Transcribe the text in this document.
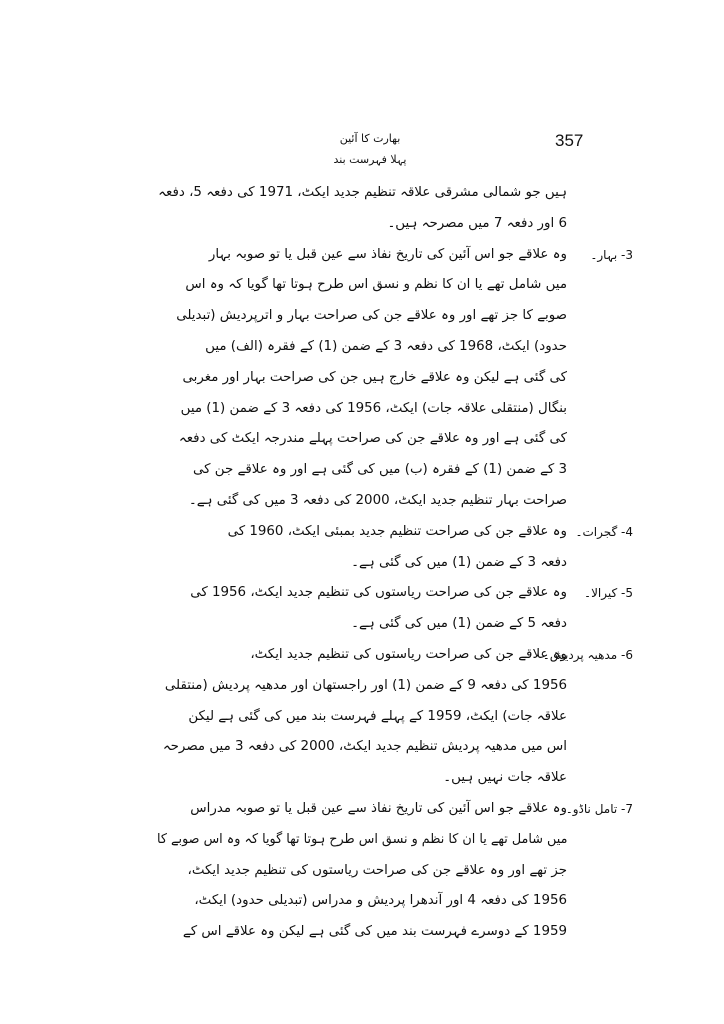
357
بھارت کا آئین
پہلا فہرست بند
ہیں جو شمالی مشرقی علاقہ تنظیم جدید ایکٹ، 1971 کی دفعہ 5، دفعہ
6 اور دفعہ 7 میں مصرحہ ہیں۔
وہ علاقے جو اس آئین کی تاریخ نفاذ سے عین قبل یا تو صوبہ بہار	3- بہار۔
میں شامل تھے یا ان کا نظم و نسق اس طرح ہوتا تھا گویا کہ وہ اس
صوبے کا جز تھے اور وہ علاقے جن کی صراحت بہار و اترپردیش (تبدیلی
حدود) ایکٹ، 1968 کی دفعہ 3 کے ضمن (1) کے فقرہ (الف) میں
کی گئی ہے لیکن وہ علاقے خارج ہیں جن کی صراحت بہار اور مغربی
بنگال (منتقلی علاقہ جات) ایکٹ، 1956 کی دفعہ 3 کے ضمن (1) میں
کی گئی ہے اور وہ علاقے جن کی صراحت پہلے مندرجہ ایکٹ کی دفعہ
3 کے ضمن (1) کے فقرہ (ب) میں کی گئی ہے اور وہ علاقے جن کی
صراحت بہار تنظیم جدید ایکٹ، 2000 کی دفعہ 3 میں کی گئی ہے۔
وہ علاقے جن کی صراحت تنظیم جدید بمبئی ایکٹ، 1960 کی 4- گجرات۔
دفعہ 3 کے ضمن (1) میں کی گئی ہے۔
وہ علاقے جن کی صراحت ریاستوں کی تنظیم جدید ایکٹ، 1956 کی	5- کیرالا۔
دفعہ 5 کے ضمن (1) میں کی گئی ہے۔
وہ علاقے جن کی صراحت ریاستوں کی تنظیم جدید ایکٹ،
6- مدھیہ پردیش۔
1956 کی دفعہ 9 کے ضمن (1) اور راجستھان اور مدھیہ پردیش (منتقلی
علاقہ جات) ایکٹ، 1959 کے پہلے فہرست بند میں کی گئی ہے لیکن
اس میں مدھیہ پردیش تنظیم جدید ایکٹ، 2000 کی دفعہ 3 میں مصرحہ
علاقہ جات نہیں ہیں۔
وہ علاقے جو اس آئین کی تاریخ نفاذ سے عین قبل یا تو صوبہ مدراس
7- تامل ناڈو۔
میں شامل تھے یا ان کا نظم و نسق اس طرح ہوتا تھا گویا کہ وہ اس صوبے کا
جز تھے اور وہ علاقے جن کی صراحت ریاستوں کی تنظیم جدید ایکٹ،
1956 کی دفعہ 4 اور آندھرا پردیش و مدراس (تبدیلی حدود) ایکٹ،
1959 کے دوسرے فہرست بند میں کی گئی ہے لیکن وہ علاقے اس کے
